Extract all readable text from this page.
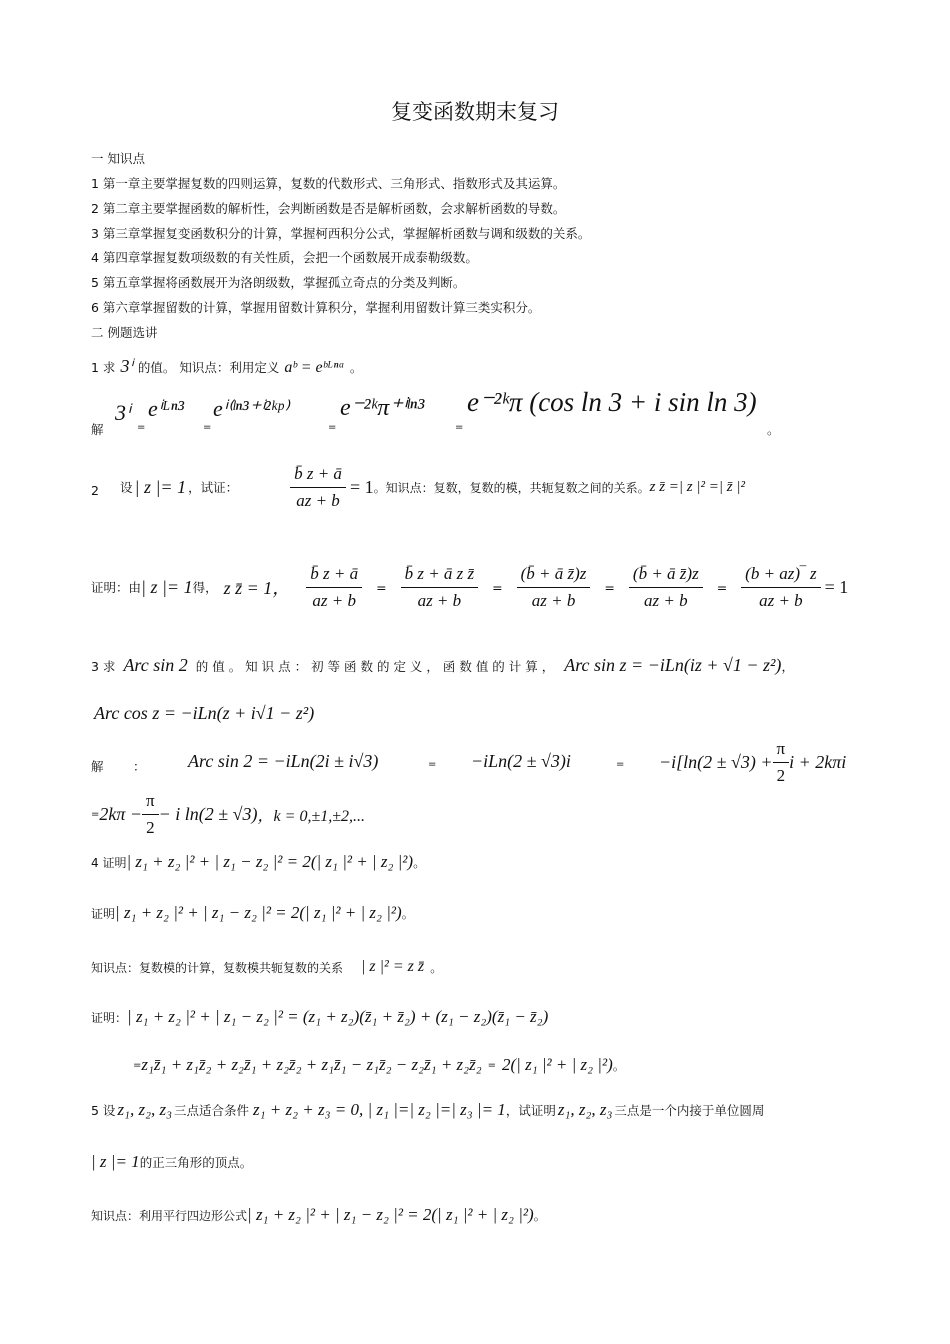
复变函数期末复习
一 知识点
1 第一章主要掌握复数的四则运算，复数的代数形式、三角形式、指数形式及其运算。
2 第二章主要掌握函数的解析性，会判断函数是否是解析函数，会求解析函数的导数。
3 第三章掌握复变函数积分的计算，掌握柯西积分公式，掌握解析函数与调和级数的关系。
4 第四章掌握复数项级数的有关性质，会把一个函数展开成泰勒级数。
5 第五章掌握将函数展开为洛朗级数，掌握孤立奇点的分类及判断。
6 第六章掌握留数的计算，掌握用留数计算积分，掌握利用留数计算三类实积分。
二 例题选讲
1 求 3ⁱ 的值。 知识点：利用定义 aᵇ = eᵇᴸⁿᵃ 。
解
3ⁱ
=
eⁱᴸⁿ³
=
eⁱ⁽ˡⁿ³⁺ⁱ²ᵏᵖ⁾
=
e⁻²ᵏπ⁺ⁱˡⁿ³
=
e⁻²ᵏπ (cos ln 3 + i sin ln 3)
。
2 设 | z |= 1 ，试证：	$\frac{b̄ z + ā}{az + b} = 1$ 。知识点：复数，复数的模，共轭复数之间的关系。 z z̄ =| z |² =| z̄ |²
证明：由 | z |= 1 得， z z̄ = 1， $\frac{b̄ z + ā}{az + b} = \frac{\text{b̄ z + ā z z̄}}{az + b} = \frac{\text{(b̄ + ā z̄)z}}{az + b} = \frac{\text{(b̄ + ā z̄)z}}{az + b} = \frac{(b + az)‾ z}{az + b} = 1$
3 求 Arc sin 2 的 值 。 知 识 点 ： 初 等 函 数 的 定 义 ， 函 数 值 的 计 算 ， Arc sin z = −iLn(iz + √1 − z²) ，
Arc cos z = −iLn(z + i√1 − z²)
解 ： Arc sin 2 = −iLn(2i ± i√3)	= −iLn(2 ± √3)i	= $-i[\ln(2 \pm √3) + \frac{\pi}{2}$ i + 2kπi
= $2k\pi - \frac{\pi}{2} - i$ ln(2 ± √3) ，k = 0,±1,±2,...
4 证明 | z₁ + z₂ |² + | z₁ − z₂ |² = 2(| z₁ |² + | z₂ |²) 。
证明 | z₁ + z₂ |² + | z₁ − z₂ |² = 2(| z₁ |² + | z₂ |²) 。
知识点：复数模的计算，复数模共轭复数的关系 | z |² = z z̄ 。
证明： | z₁ + z₂ |² + | z₁ − z₂ |² = (z₁ + z₂)(z̄₁ + z̄₂) + (z₁ − z₂)(z̄₁ − z̄₂)
= z₁z̄₁ + z₁z̄₂ + z₂z̄₁ + z₂z̄₂ + z₁z̄₁ − z₁z̄₂ − z₂z̄₁ + z₂z̄₂ = 2(| z₁ |² + | z₂ |²) 。
5 设 z₁, z₂, z₃ 三点适合条件 z₁ + z₂ + z₃ = 0, | z₁ |=| z₂ |=| z₃ |= 1 ，试证明 z₁, z₂, z₃ 三点是一个内接于单位圆周
| z |= 1 的正三角形的顶点。
知识点：利用平行四边形公式 | z₁ + z₂ |² + | z₁ − z₂ |² = 2(| z₁ |² + | z₂ |²) 。
